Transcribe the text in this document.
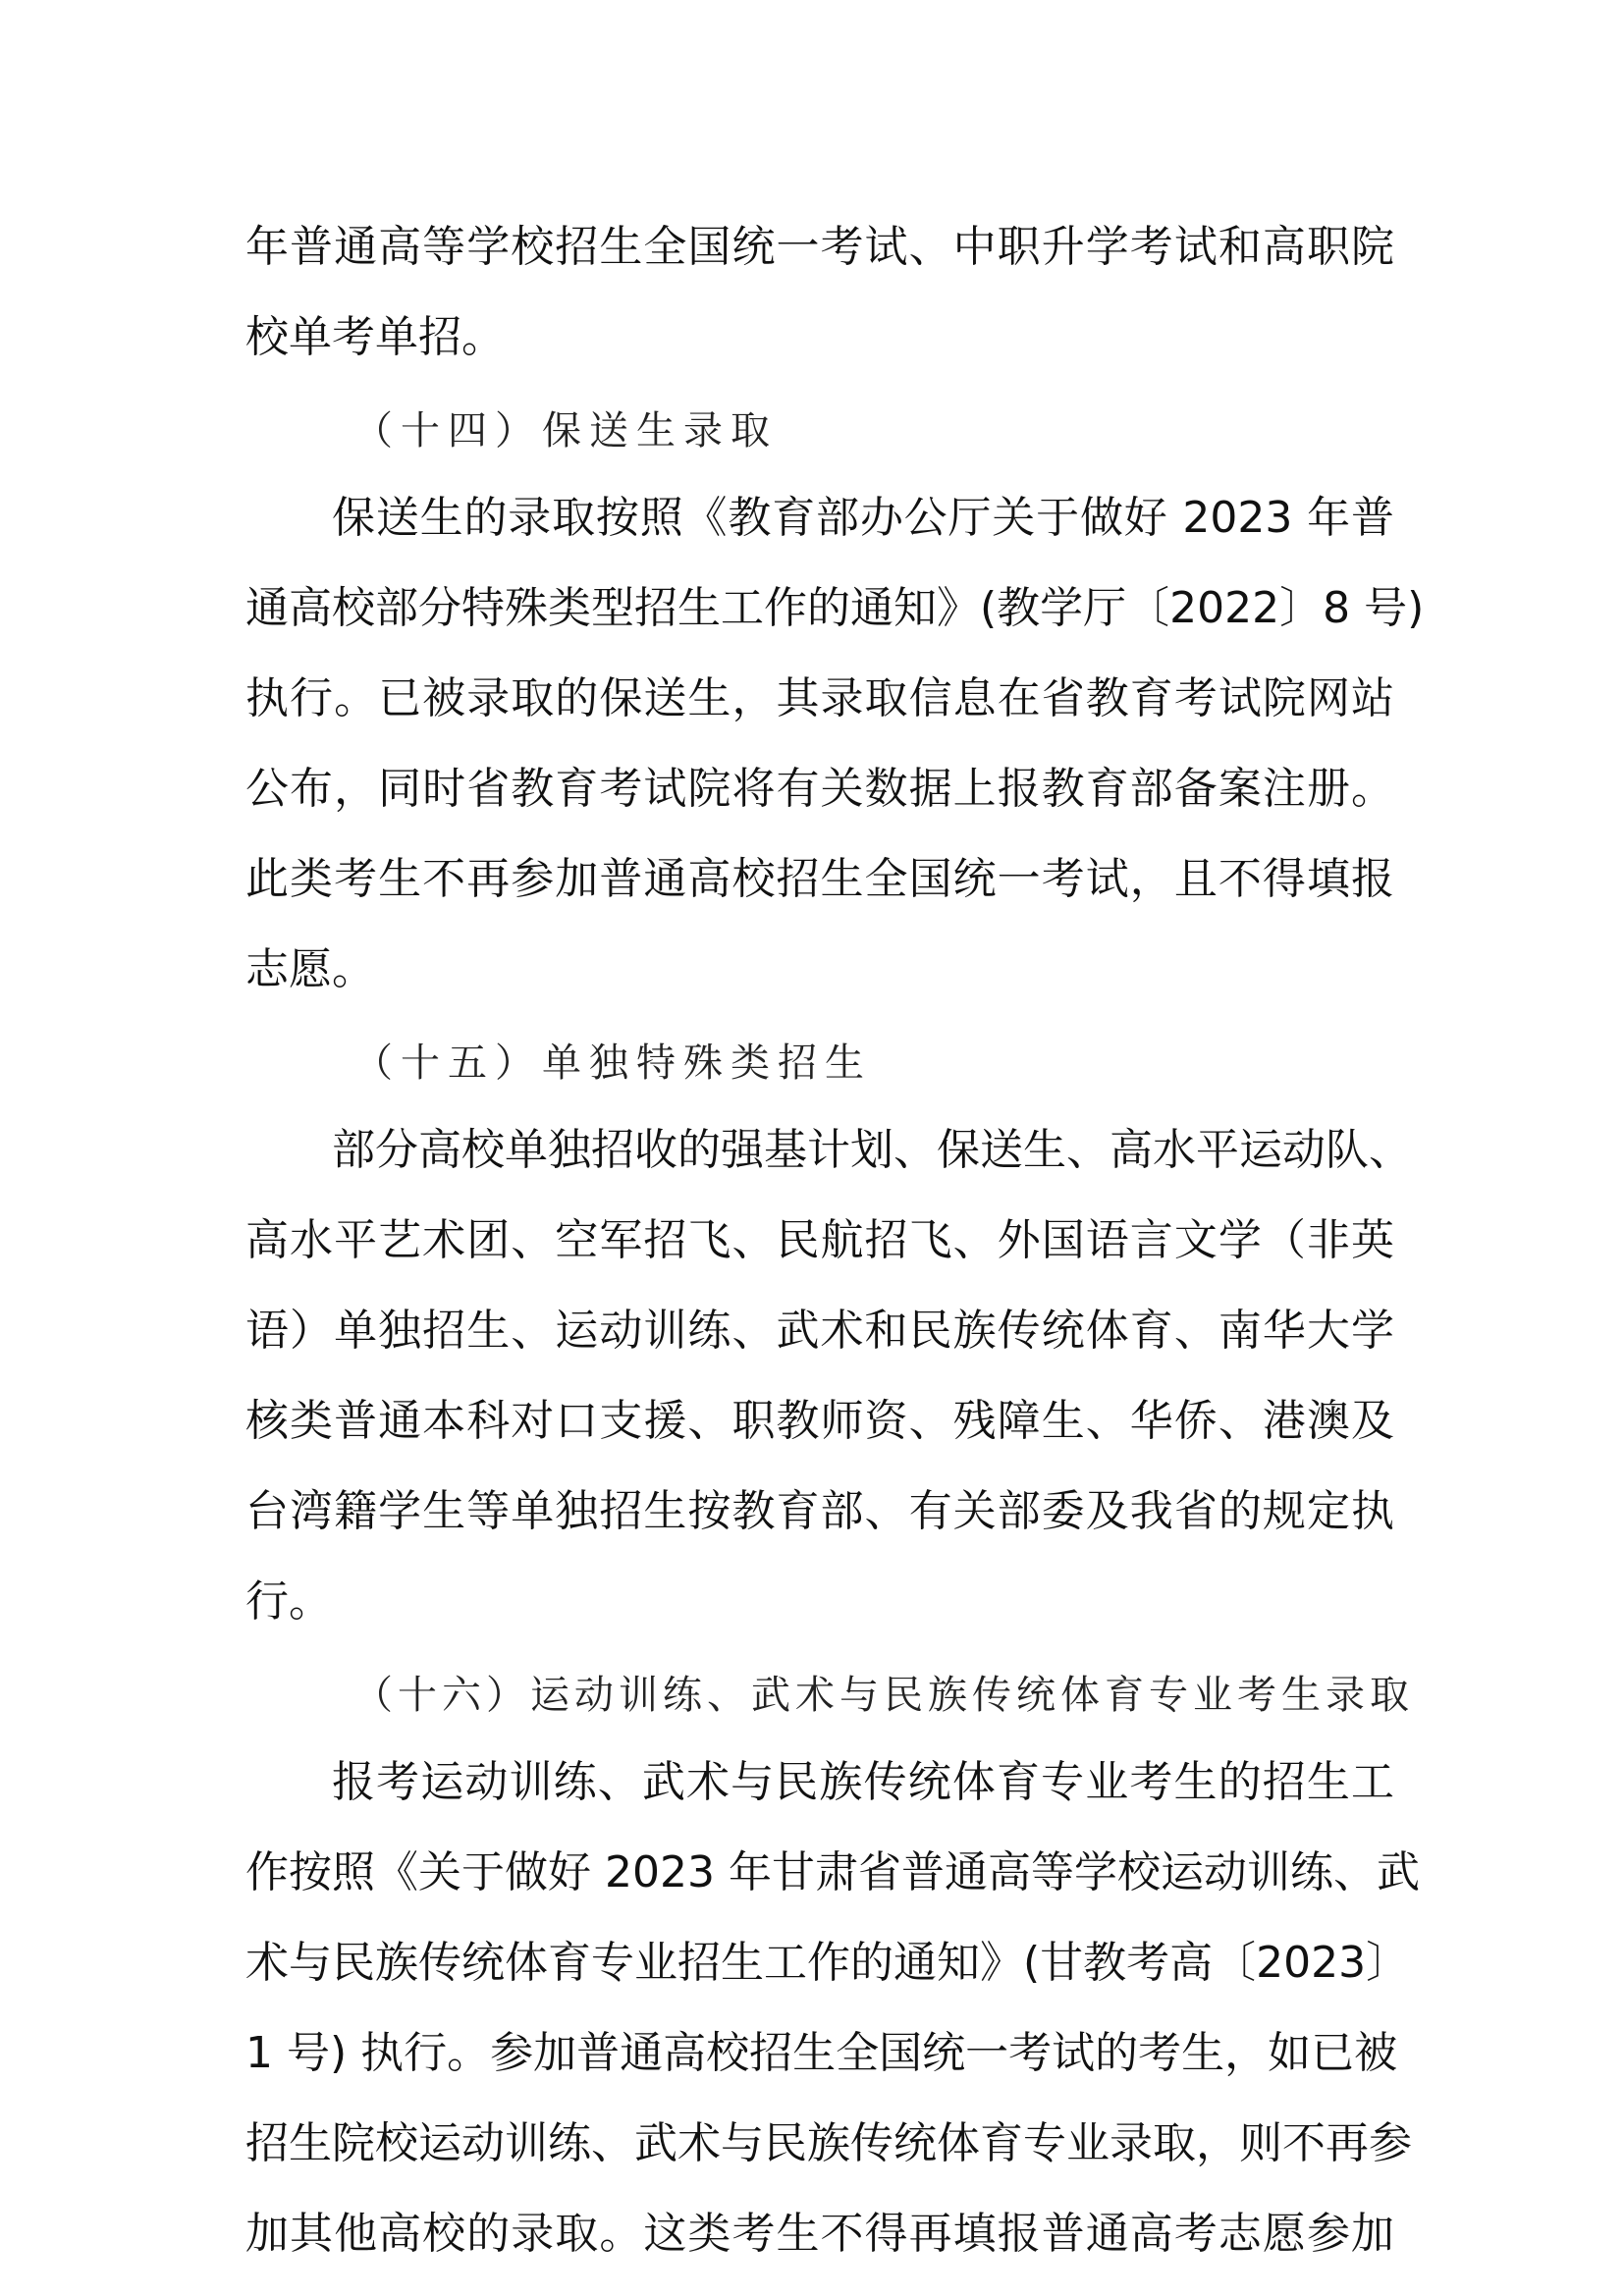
年普通高等学校招生全国统一考试、中职升学考试和高职院

校单考单招。

（十四）保送生录取

保送生的录取按照《教育部办公厅关于做好 2023 年普

通高校部分特殊类型招生工作的通知》(教学厅〔2022〕8 号)

执行。已被录取的保送生，其录取信息在省教育考试院网站

公布，同时省教育考试院将有关数据上报教育部备案注册。

此类考生不再参加普通高校招生全国统一考试，且不得填报

志愿。

（十五）单独特殊类招生

部分高校单独招收的强基计划、保送生、高水平运动队、

高水平艺术团、空军招飞、民航招飞、外国语言文学（非英

语）单独招生、运动训练、武术和民族传统体育、南华大学

核类普通本科对口支援、职教师资、残障生、华侨、港澳及

台湾籍学生等单独招生按教育部、有关部委及我省的规定执

行。

（十六）运动训练、武术与民族传统体育专业考生录取

报考运动训练、武术与民族传统体育专业考生的招生工

作按照《关于做好 2023 年甘肃省普通高等学校运动训练、武

术与民族传统体育专业招生工作的通知》(甘教考高〔2023〕

1 号) 执行。参加普通高校招生全国统一考试的考生，如已被

招生院校运动训练、武术与民族传统体育专业录取，则不再参

加其他高校的录取。这类考生不得再填报普通高考志愿参加
